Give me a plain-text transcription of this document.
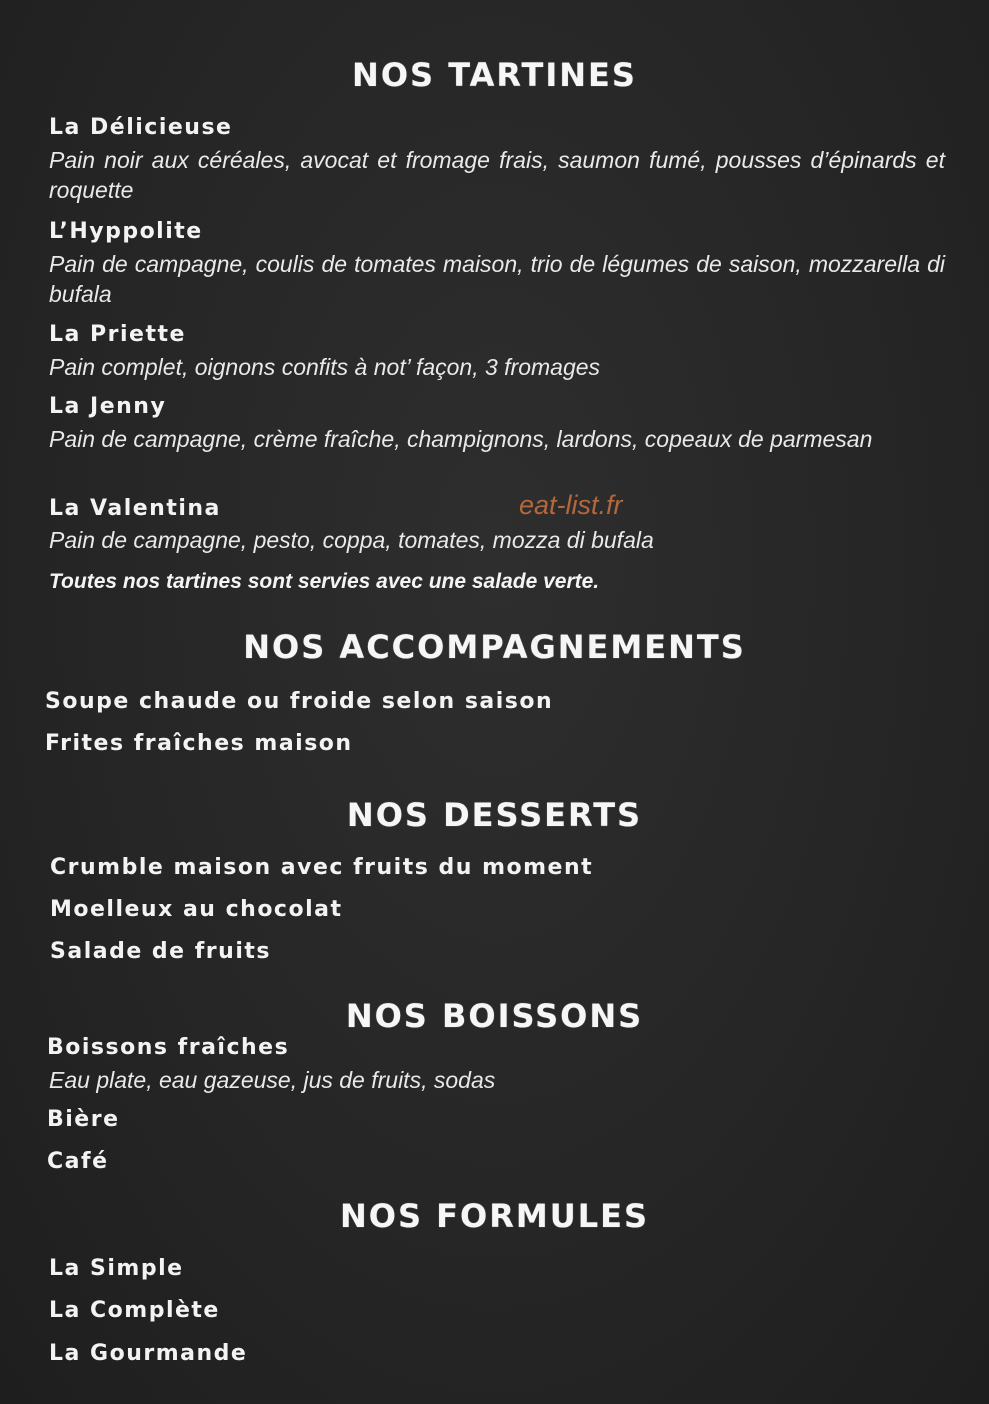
NOS TARTINES
La Délicieuse
Pain noir aux céréales, avocat et fromage frais, saumon fumé, pousses d’épinards et roquette
L’Hyppolite
Pain de campagne, coulis de tomates maison, trio de légumes de saison, mozzarella di bufala
La Priette
Pain complet, oignons confits à not’ façon, 3 fromages
La Jenny
Pain de campagne, crème fraîche, champignons, lardons, copeaux de parmesan
La Valentina
Pain de campagne, pesto, coppa, tomates, mozza di bufala
eat-list.fr
Toutes nos tartines sont servies avec une salade verte.
NOS ACCOMPAGNEMENTS
Soupe chaude ou froide selon saison
Frites fraîches maison
NOS DESSERTS
Crumble maison avec fruits du moment
Moelleux au chocolat
Salade de fruits
NOS BOISSONS
Boissons fraîches
Eau plate, eau gazeuse, jus de fruits, sodas
Bière
Café
NOS FORMULES
La Simple
La Complète
La Gourmande
